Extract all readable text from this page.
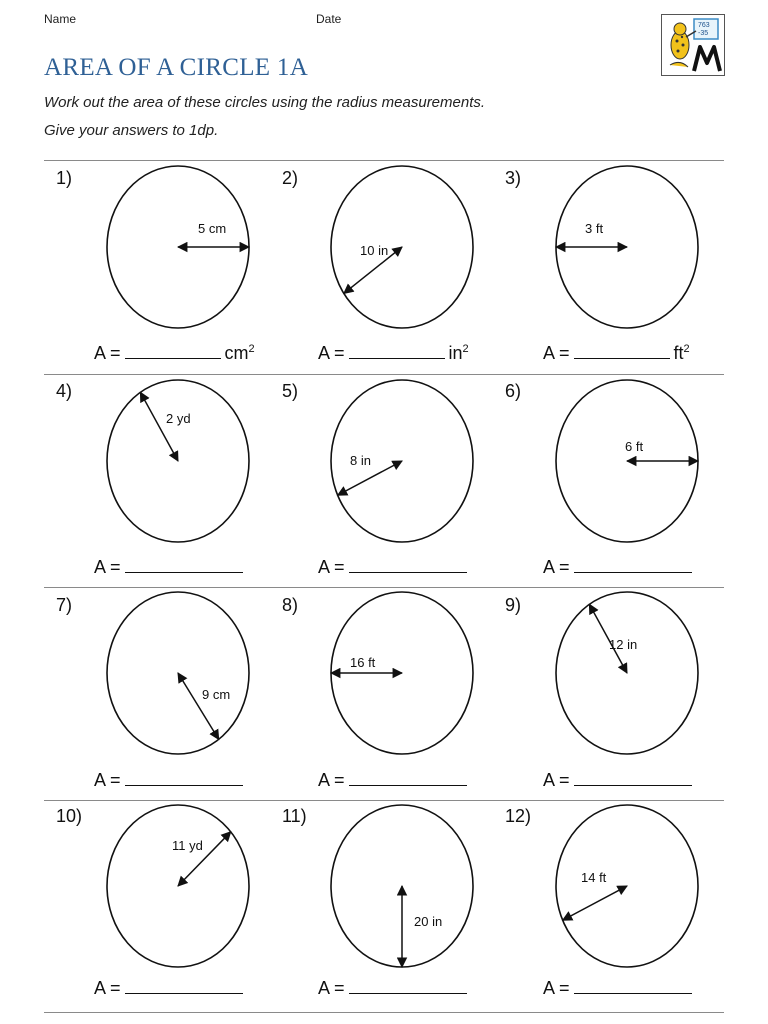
Name	Date	763
-35
AREA OF A CIRCLE 1A
Work out the area of these circles using the radius measurements.
Give your answers to 1dp.
5 cm
10 in
3 ft
2 yd
8 in
6 ft
9 cm
16 ft
12 in
11 yd
20 in
14 ft
1)
A =	$cm^2$
2)
A =	$in^2$
3)
A =	$ft^2$
4)
A =
5)
A =
6)
A =
7)
A =
8)
A =
9)
A =
10)
A =
11)
A =
12)
A =
